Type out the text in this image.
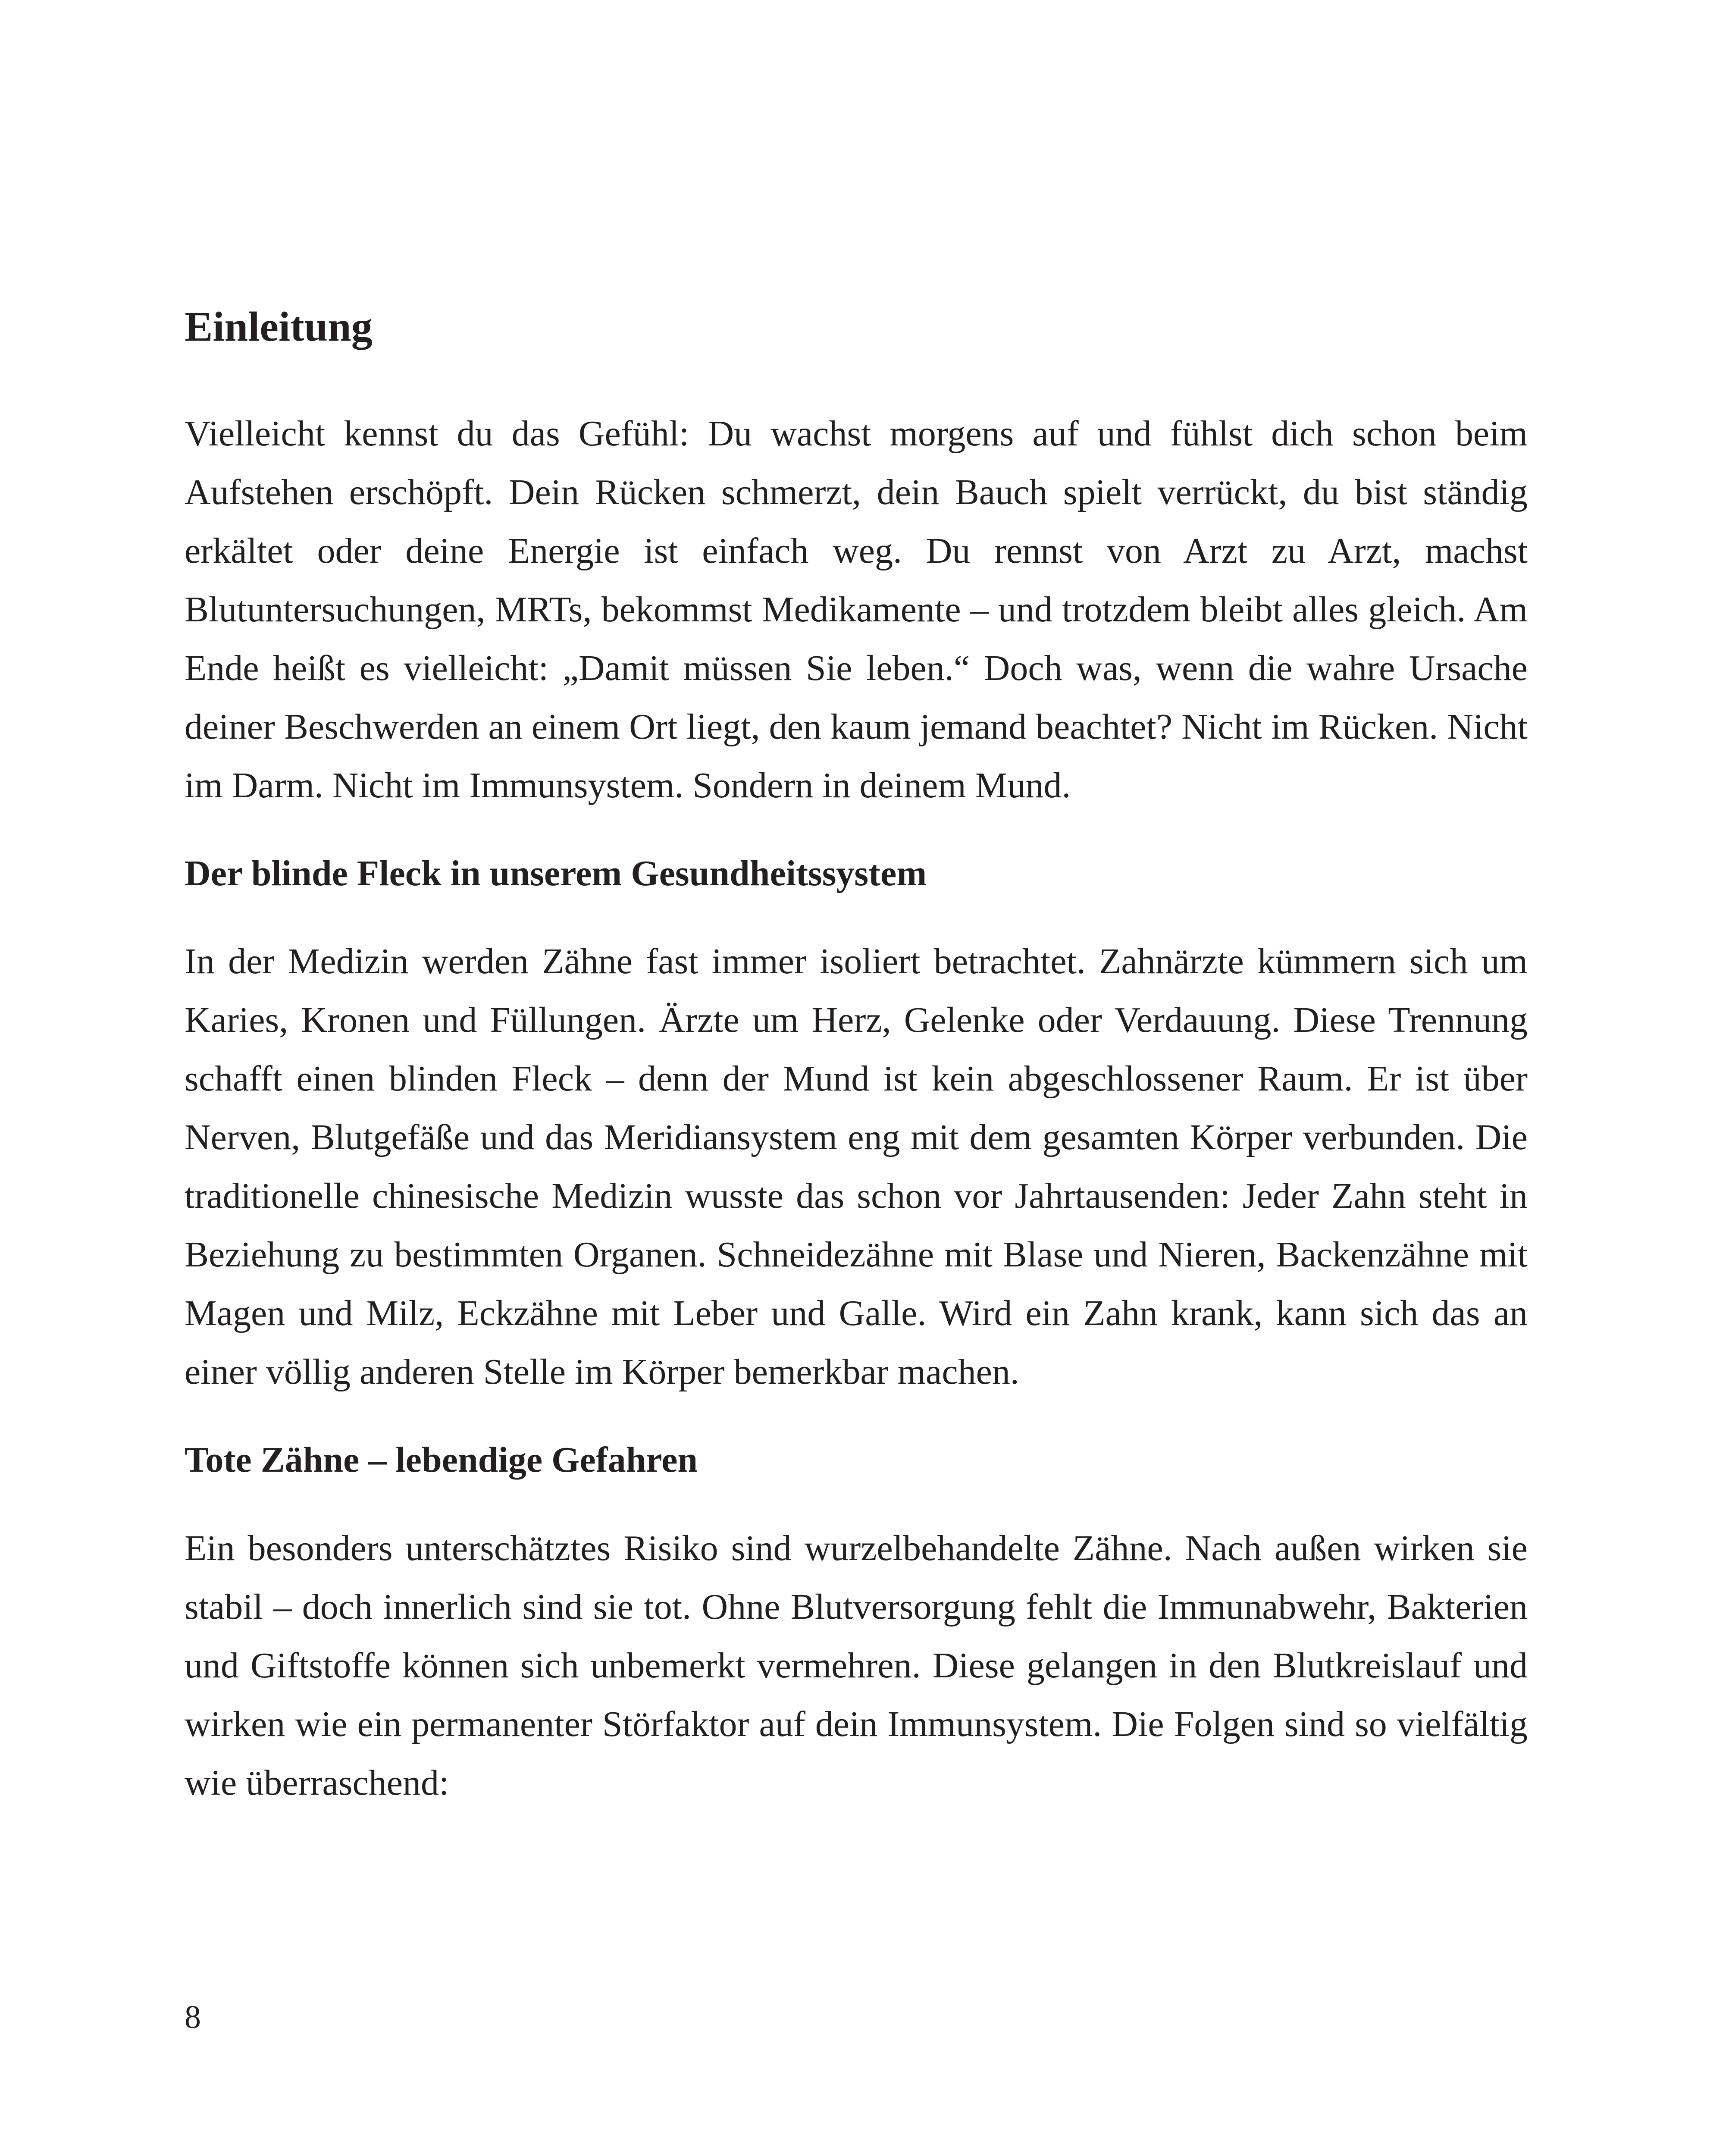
Einleitung

Vielleicht kennst du das Gefühl: Du wachst morgens auf und fühlst dich schon beim Aufstehen erschöpft. Dein Rücken schmerzt, dein Bauch spielt verrückt, du bist ständig erkältet oder deine Energie ist einfach weg. Du rennst von Arzt zu Arzt, machst Blutuntersuchungen, MRTs, bekommst Medikamente – und trotzdem bleibt alles gleich. Am Ende heißt es vielleicht: „Damit müssen Sie leben.“ Doch was, wenn die wahre Ursache deiner Beschwerden an einem Ort liegt, den kaum jemand beachtet? Nicht im Rücken. Nicht im Darm. Nicht im Immunsystem. Sondern in deinem Mund.

Der blinde Fleck in unserem Gesundheitssystem

In der Medizin werden Zähne fast immer isoliert betrachtet. Zahnärzte kümmern sich um Karies, Kronen und Füllungen. Ärzte um Herz, Gelenke oder Verdauung. Diese Trennung schafft einen blinden Fleck – denn der Mund ist kein abgeschlossener Raum. Er ist über Nerven, Blutgefäße und das Meridiansystem eng mit dem gesamten Körper verbunden. Die traditionelle chinesische Medizin wusste das schon vor Jahrtausenden: Jeder Zahn steht in Beziehung zu bestimmten Organen. Schneidezähne mit Blase und Nieren, Backenzähne mit Magen und Milz, Eckzähne mit Leber und Galle. Wird ein Zahn krank, kann sich das an einer völlig anderen Stelle im Körper bemerkbar machen.

Tote Zähne – lebendige Gefahren

Ein besonders unterschätztes Risiko sind wurzelbehandelte Zähne. Nach außen wirken sie stabil – doch innerlich sind sie tot. Ohne Blutversorgung fehlt die Immunabwehr, Bakterien und Giftstoffe können sich unbemerkt vermehren. Diese gelangen in den Blutkreislauf und wirken wie ein permanenter Störfaktor auf dein Immunsystem. Die Folgen sind so vielfältig wie überraschend:

8
